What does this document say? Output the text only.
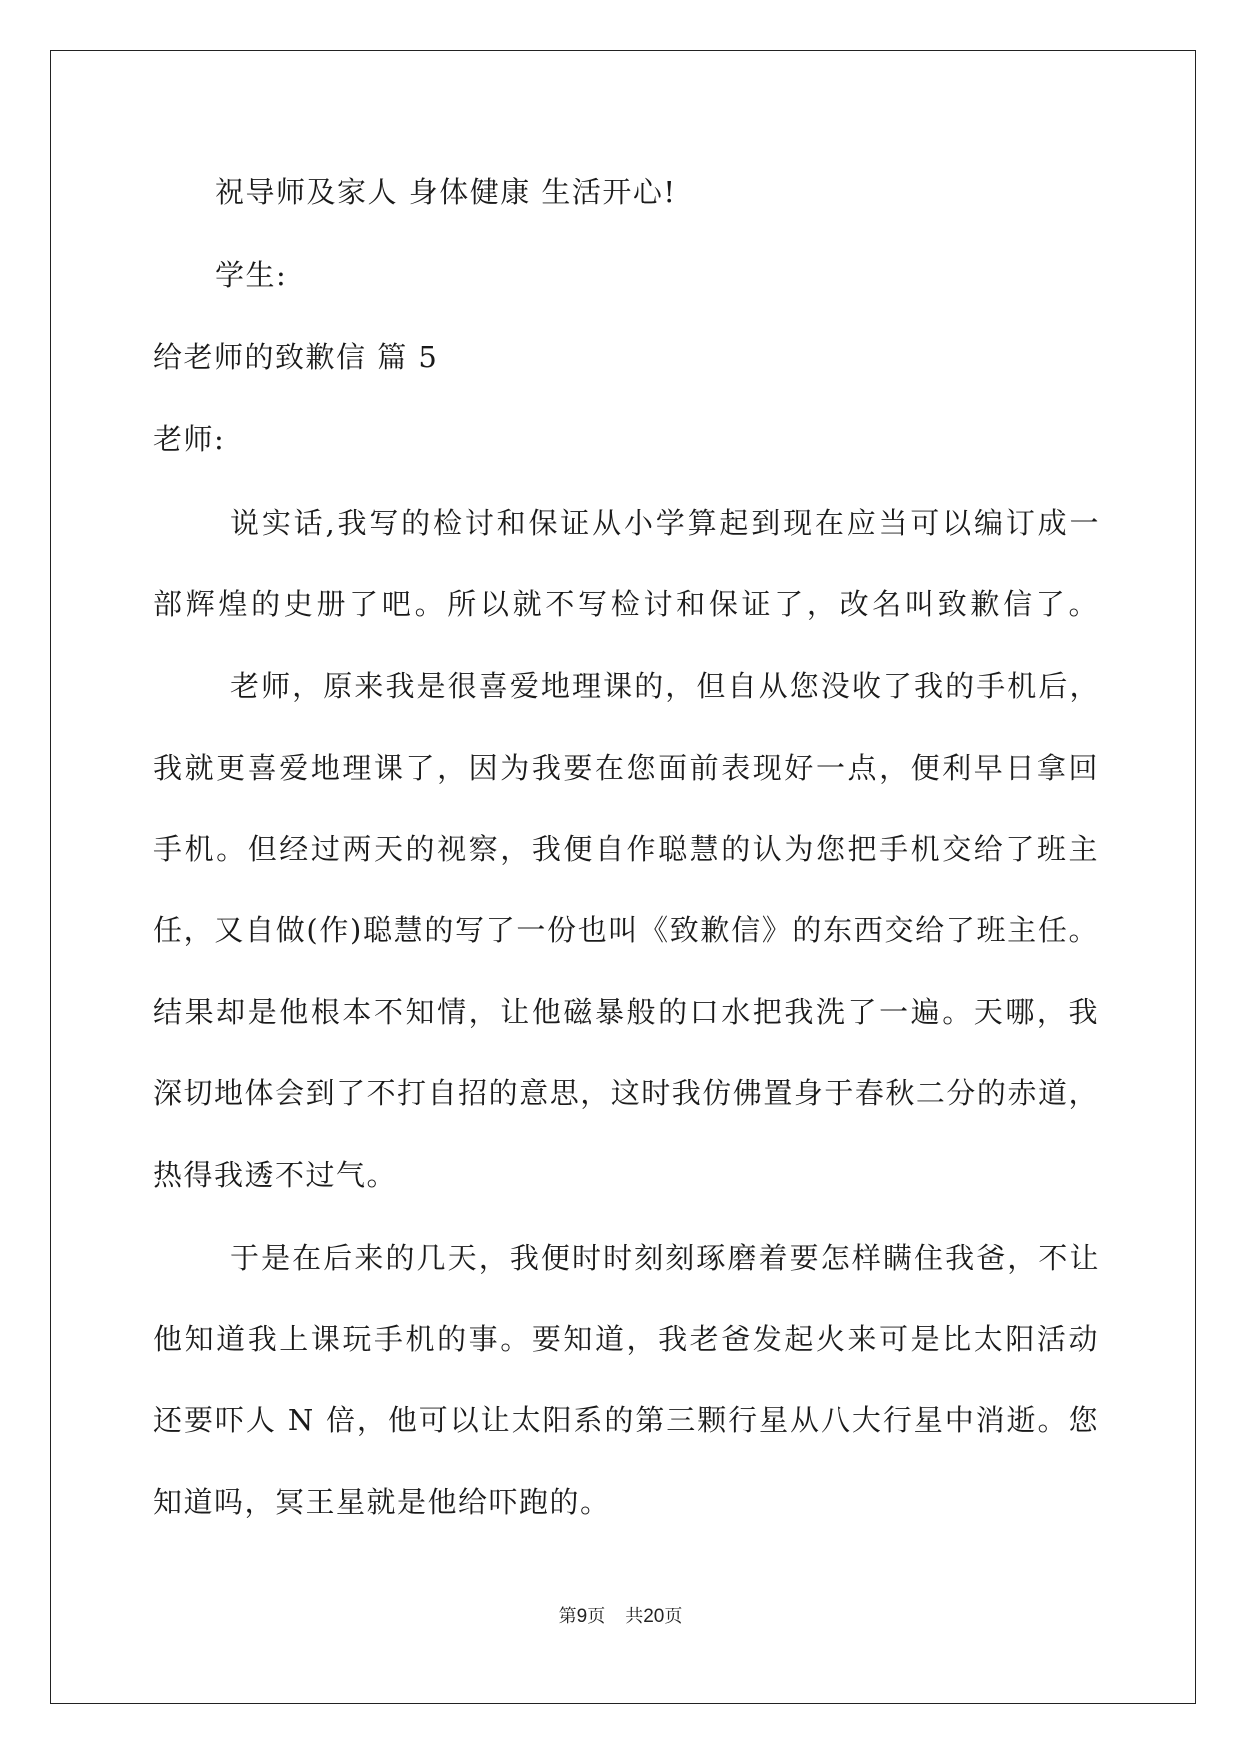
祝导师及家人 身体健康 生活开心!
学生:
给老师的致歉信 篇 5
老师:
说实话,我写的检讨和保证从小学算起到现在应当可以编订成一
部辉煌的史册了吧。所以就不写检讨和保证了，改名叫致歉信了。
老师，原来我是很喜爱地理课的，但自从您没收了我的手机后，
我就更喜爱地理课了，因为我要在您面前表现好一点，便利早日拿回
手机。但经过两天的视察，我便自作聪慧的认为您把手机交给了班主
任，又自做(作)聪慧的写了一份也叫《致歉信》的东西交给了班主任。
结果却是他根本不知情，让他磁暴般的口水把我洗了一遍。天哪，我
深切地体会到了不打自招的意思，这时我仿佛置身于春秋二分的赤道，
热得我透不过气。
于是在后来的几天，我便时时刻刻琢磨着要怎样瞒住我爸，不让
他知道我上课玩手机的事。要知道，我老爸发起火来可是比太阳活动
还要吓人 N 倍，他可以让太阳系的第三颗行星从八大行星中消逝。您
知道吗，冥王星就是他给吓跑的。
第9页 共20页
